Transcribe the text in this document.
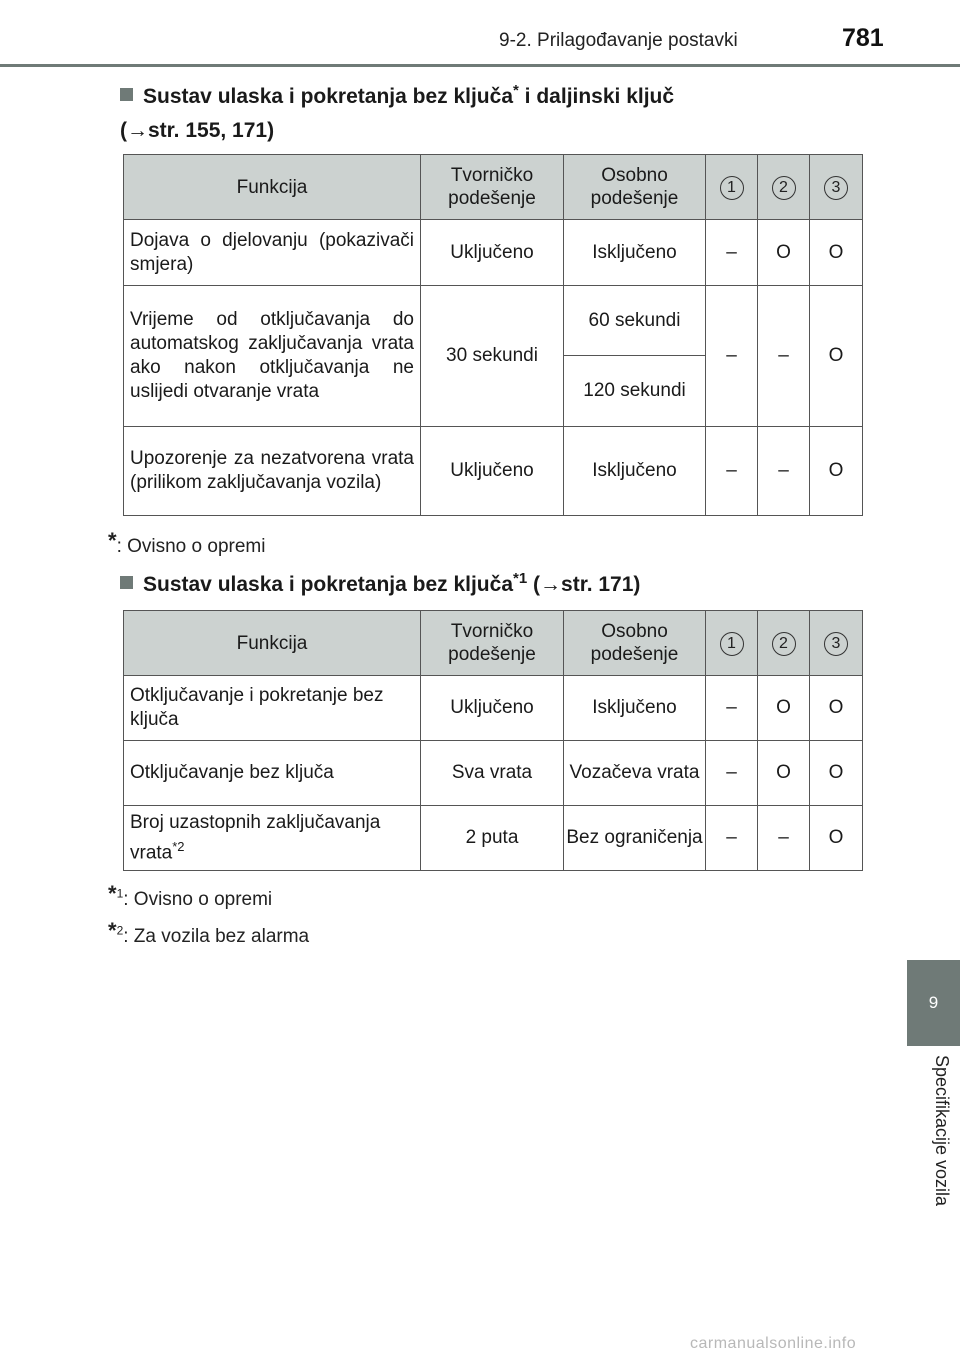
9-2. Prilagođavanje postavki	781
9
Specifikacije vozila
Sustav ulaska i pokretanja bez ključa* i daljinski ključ
(→str. 155, 171)
Funkcija	Tvorničko podešenje	Osobno podešenje	1	2	3
Dojava o djelovanju (pokazivači smjera)	Uključeno	Isključeno	–	O	O
Vrijeme od otključavanja do automatskog zaključavanja vrata ako nakon otključavanja ne uslijedi otvaranje vrata	30 sekundi	60 sekundi	–	–	O
		120 sekundi			
Upozorenje za nezatvorena vrata (prilikom zaključavanja vozila)	Uključeno	Isključeno	–	–	O
*: Ovisno o opremi
Sustav ulaska i pokretanja bez ključa$^{*1}$ (→str. 171)
Funkcija	Tvorničko podešenje	Osobno podešenje	1	2	3
Otključavanje i pokretanje bez ključa	Uključeno	Isključeno	–	O	O
Otključavanje bez ključa	Sva vrata	Vozačeva vrata	–	O	O
Broj uzastopnih zaključavanja vrata$^{*2}$	2 puta	Bez ograničenja	–	–	O
*$^1$: Ovisno o opremi
*$^2$: Za vozila bez alarma
carmanualsonline.info
